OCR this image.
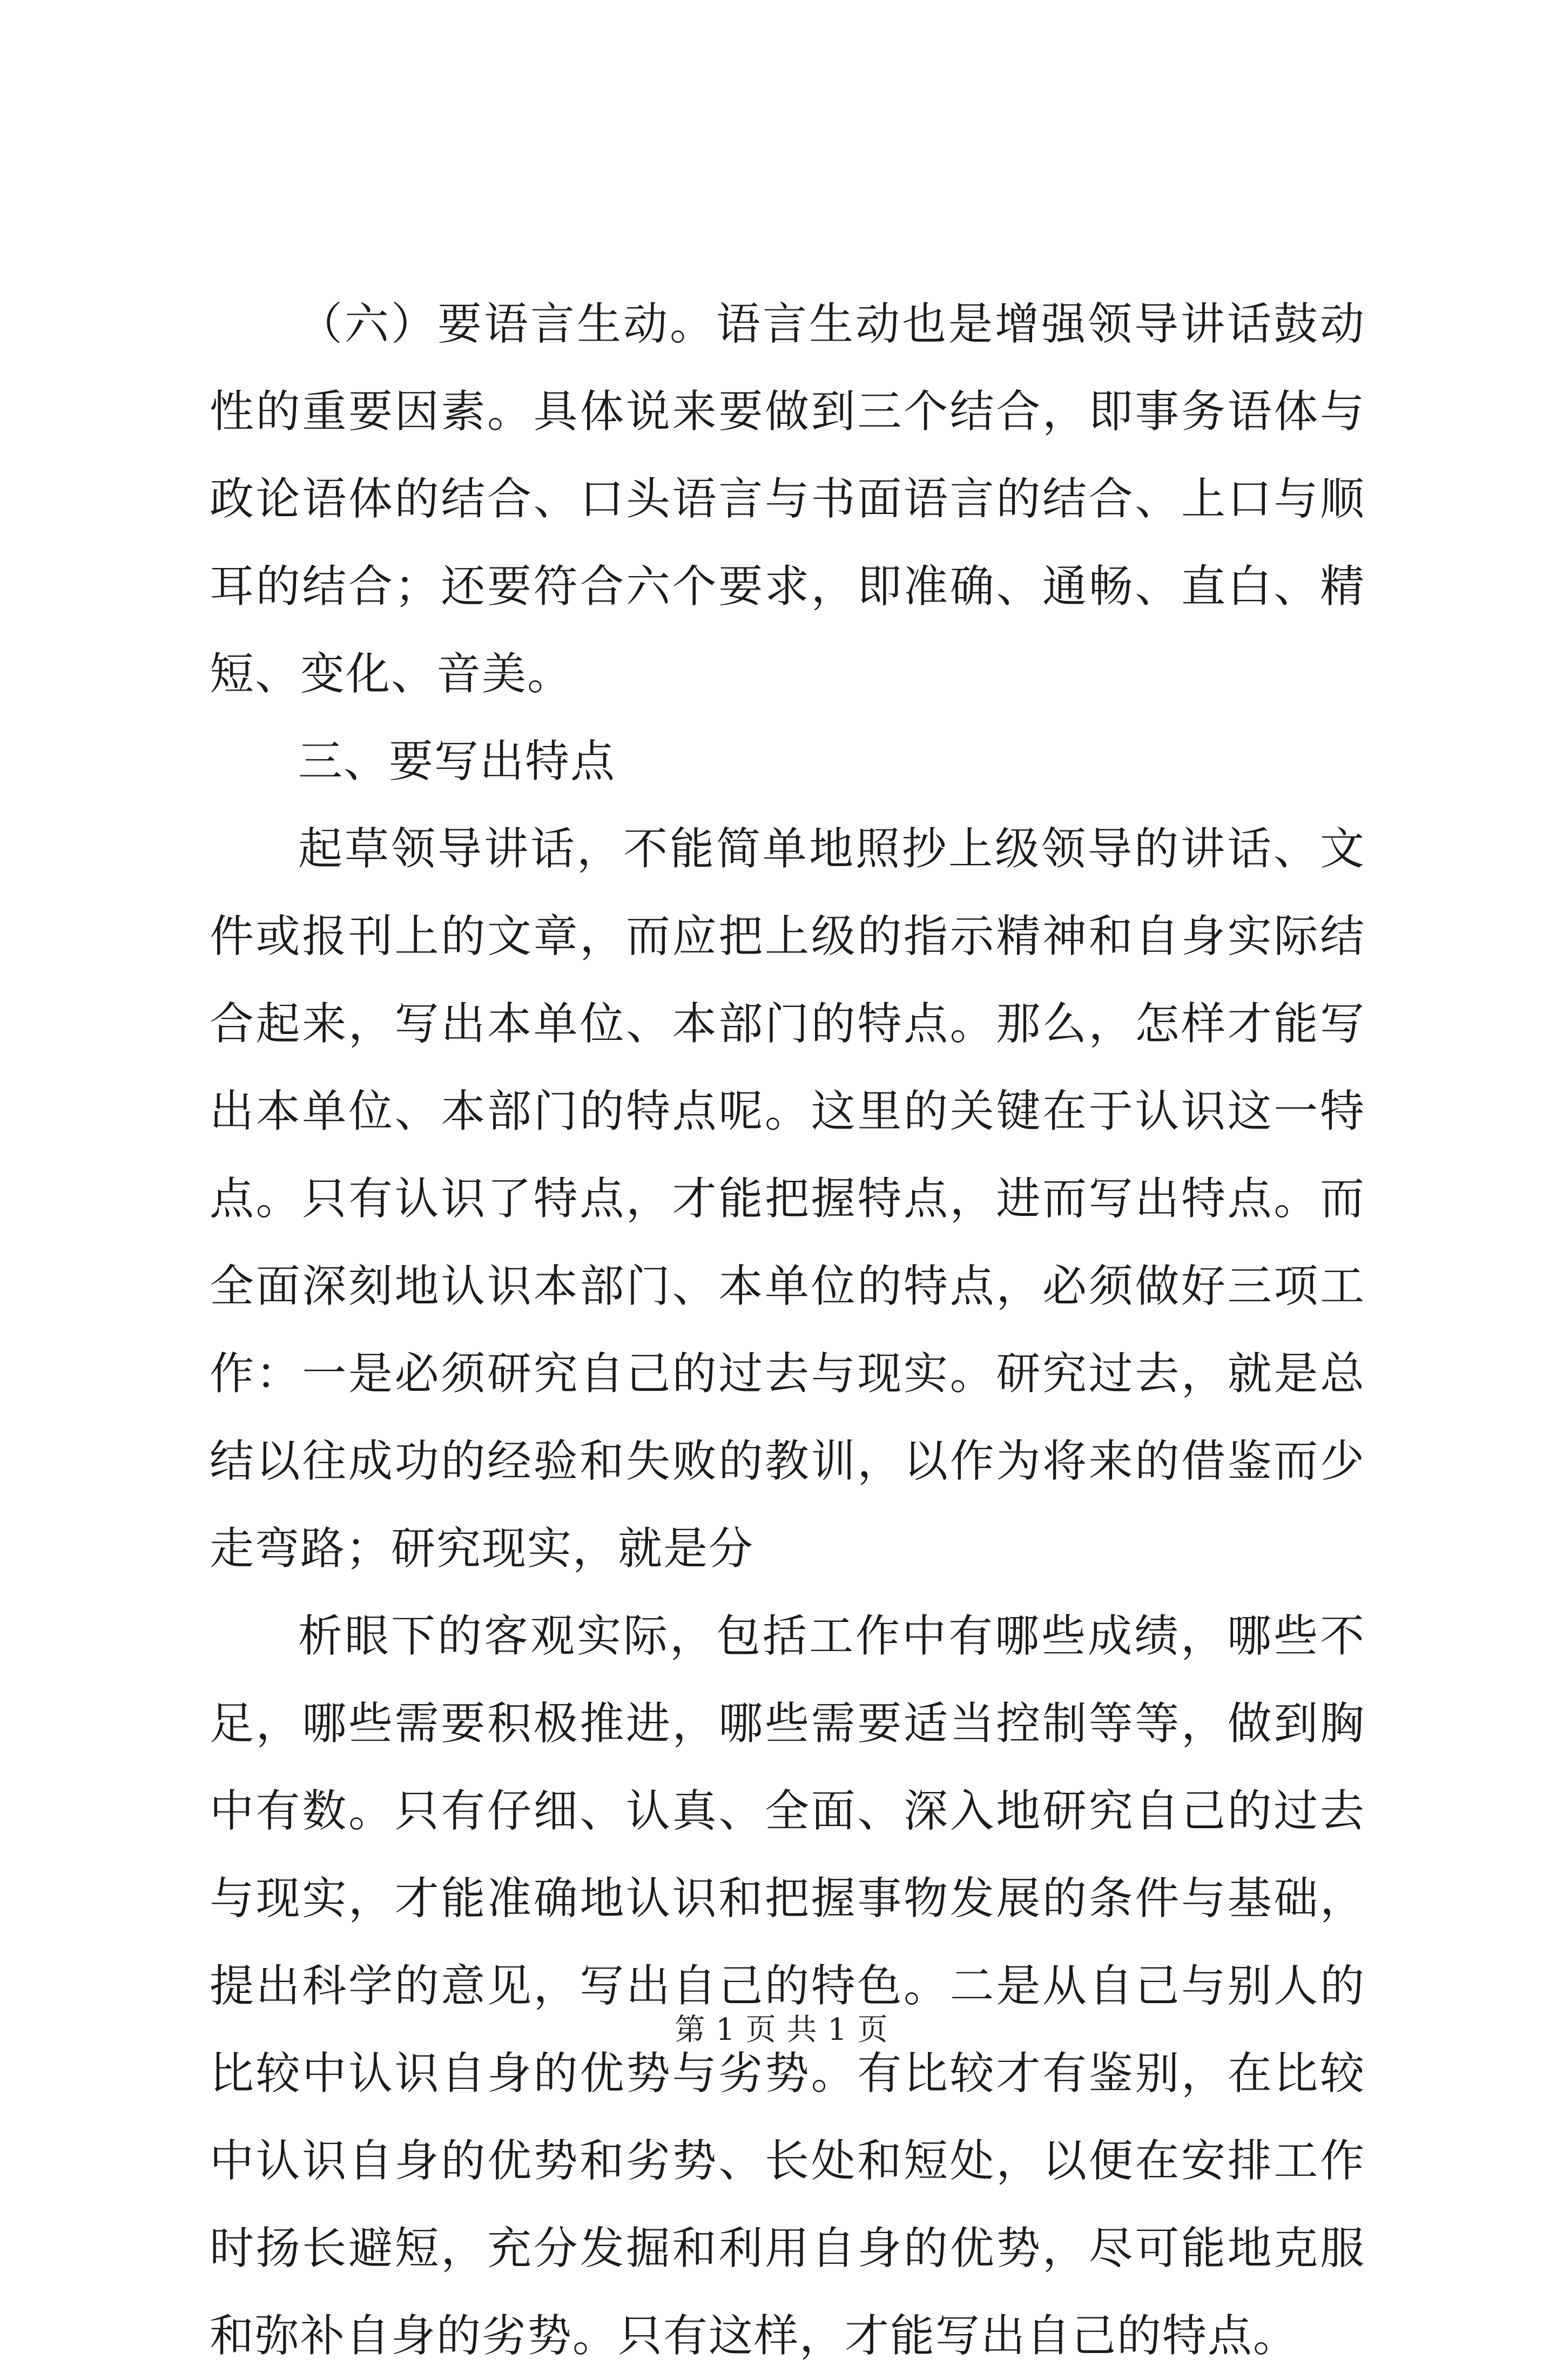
（六）要语言生动。语言生动也是增强领导讲话鼓动性的重要因素。具体说来要做到三个结合，即事务语体与政论语体的结合、口头语言与书面语言的结合、上口与顺耳的结合；还要符合六个要求，即准确、通畅、直白、精短、变化、音美。

三、要写出特点

起草领导讲话，不能简单地照抄上级领导的讲话、文件或报刊上的文章，而应把上级的指示精神和自身实际结合起来，写出本单位、本部门的特点。那么，怎样才能写出本单位、本部门的特点呢。这里的关键在于认识这一特点。只有认识了特点，才能把握特点，进而写出特点。而全面深刻地认识本部门、本单位的特点，必须做好三项工作：一是必须研究自己的过去与现实。研究过去，就是总结以往成功的经验和失败的教训，以作为将来的借鉴而少走弯路；研究现实，就是分

析眼下的客观实际，包括工作中有哪些成绩，哪些不足，哪些需要积极推进，哪些需要适当控制等等，做到胸中有数。只有仔细、认真、全面、深入地研究自己的过去与现实，才能准确地认识和把握事物发展的条件与基础，提出科学的意见，写出自己的特色。二是从自己与别人的比较中认识自身的优势与劣势。有比较才有鉴别，在比较中认识自身的优势和劣势、长处和短处，以便在安排工作时扬长避短，充分发掘和利用自身的优势，尽可能地克服和弥补自身的劣势。只有这样，才能写出自己的特点。

第 1 页 共 1 页
